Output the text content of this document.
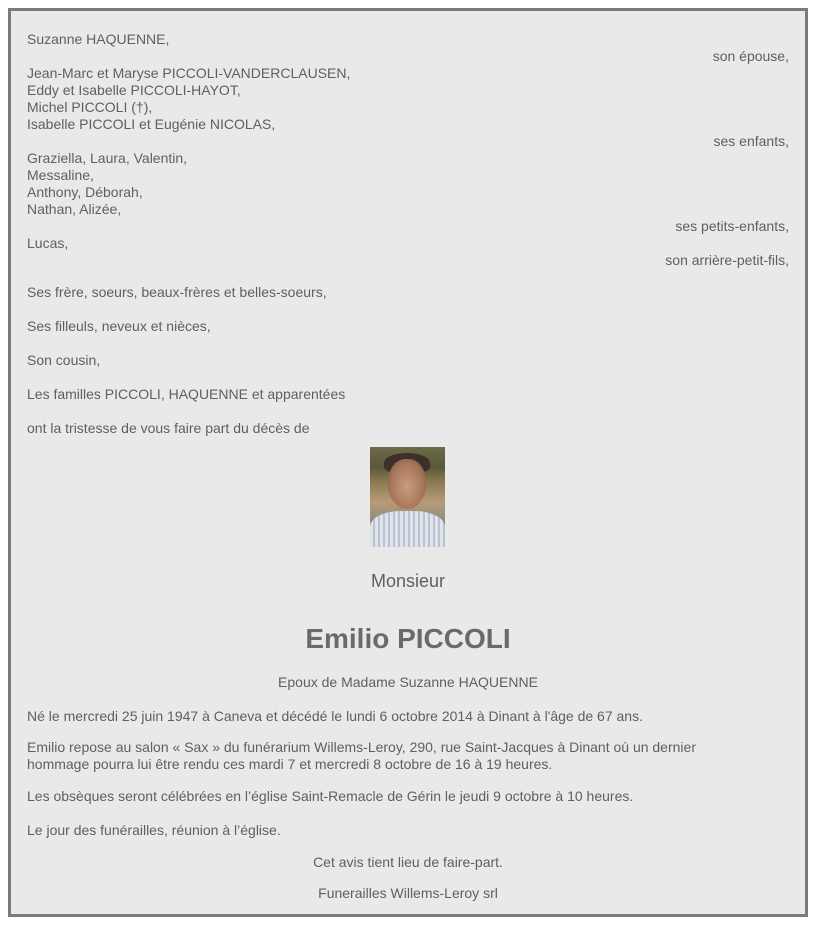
Suzanne HAQUENNE,
son épouse,
Jean-Marc et Maryse PICCOLI-VANDERCLAUSEN,
Eddy et Isabelle PICCOLI-HAYOT,
Michel PICCOLI (†),
Isabelle PICCOLI et Eugénie NICOLAS,
ses enfants,
Graziella, Laura, Valentin,
Messaline,
Anthony, Déborah,
Nathan, Alizée,
ses petits-enfants,
Lucas,
son arrière-petit-fils,
Ses frère, soeurs, beaux-frères et belles-soeurs,
Ses filleuls, neveux et nièces,
Son cousin,
Les familles PICCOLI, HAQUENNE et apparentées
ont la tristesse de vous faire part du décès de
Monsieur
Emilio PICCOLI
Epoux de Madame Suzanne HAQUENNE
Né le mercredi 25 juin 1947 à Caneva et décédé le lundi 6 octobre 2014 à Dinant à l'âge de 67 ans.
Emilio repose au salon « Sax » du funérarium Willems-Leroy, 290, rue Saint-Jacques à Dinant où un dernier
hommage pourra lui être rendu ces mardi 7 et mercredi 8 octobre de 16 à 19 heures.
Les obsèques seront célébrées en l’église Saint-Remacle de Gérin le jeudi 9 octobre à 10 heures.
Le jour des funérailles, réunion à l’église.
Cet avis tient lieu de faire-part.
Funerailles Willems-Leroy srl
